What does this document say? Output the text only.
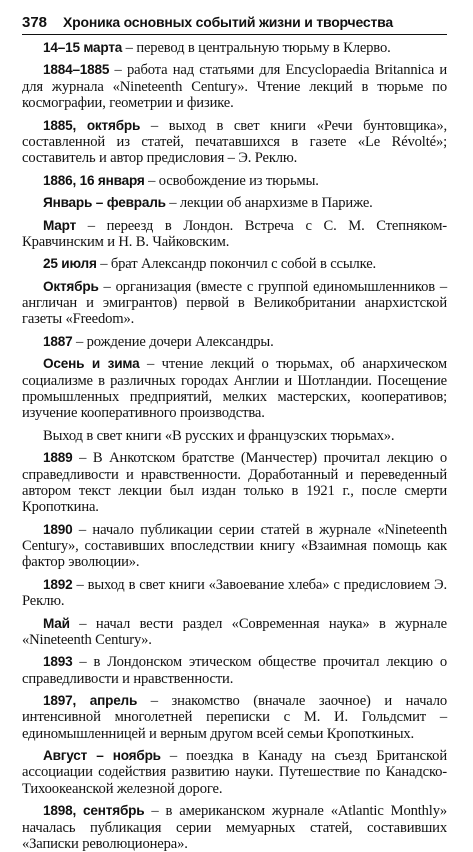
378 Хроника основных событий жизни и творчества

14–15 марта – перевод в центральную тюрьму в Клерво.

1884–1885 – работа над статьями для Encyclopaedia Britannica и для журнала «Nineteenth Century». Чтение лекций в тюрьме по космографии, геометрии и физике.

1885, октябрь – выход в свет книги «Речи бунтовщика», составленной из статей, печатавшихся в газете «Le Révolté»; составитель и автор предисловия – Э. Реклю.

1886, 16 января – освобождение из тюрьмы.

Январь – февраль – лекции об анархизме в Париже.

Март – переезд в Лондон. Встреча с С. М. Степняком-Кравчинским и Н. В. Чайковским.

25 июля – брат Александр покончил с собой в ссылке.

Октябрь – организация (вместе с группой единомышленников – англичан и эмигрантов) первой в Великобритании анархистской газеты «Freedom».

1887 – рождение дочери Александры.

Осень и зима – чтение лекций о тюрьмах, об анархическом социализме в различных городах Англии и Шотландии. Посещение промышленных предприятий, мелких мастерских, кооперативов; изучение кооперативного производства.

Выход в свет книги «В русских и французских тюрьмах».

1889 – В Анкотском братстве (Манчестер) прочитал лекцию о справедливости и нравственности. Доработанный и переведенный автором текст лекции был издан только в 1921 г., после смерти Кропоткина.

1890 – начало публикации серии статей в журнале «Nineteenth Century», составивших впоследствии книгу «Взаимная помощь как фактор эволюции».

1892 – выход в свет книги «Завоевание хлеба» с предисловием Э. Реклю.

Май – начал вести раздел «Современная наука» в журнале «Nineteenth Century».

1893 – в Лондонском этическом обществе прочитал лекцию о справедливости и нравственности.

1897, апрель – знакомство (вначале заочное) и начало интенсивной многолетней переписки с М. И. Гольдсмит – единомышленницей и верным другом всей семьи Кропоткиных.

Август – ноябрь – поездка в Канаду на съезд Британской ассоциации содействия развитию науки. Путешествие по Канадско-Тихоокеанской железной дороге.

1898, сентябрь – в американском журнале «Atlantic Monthly» началась публикация серии мемуарных статей, составивших «Записки революционера».
